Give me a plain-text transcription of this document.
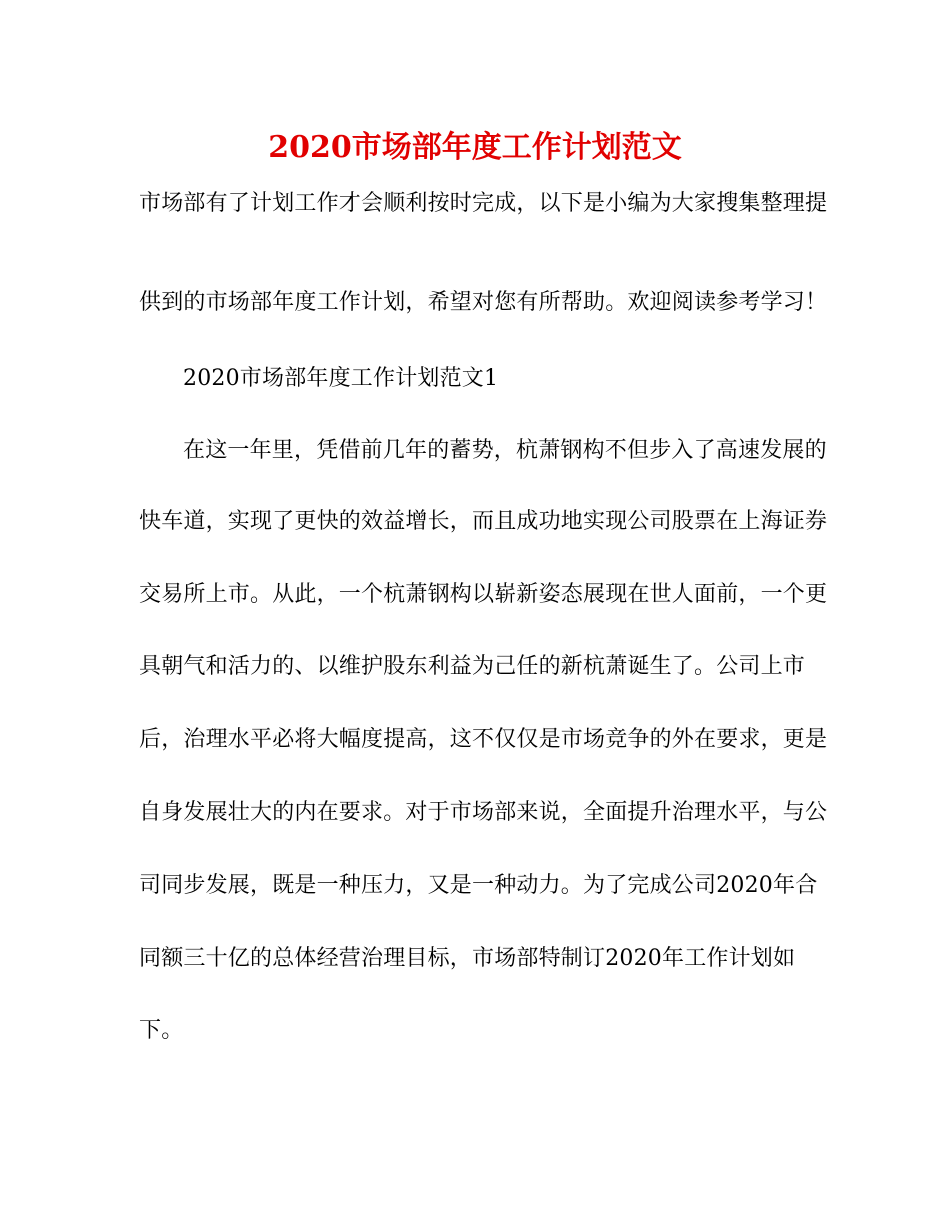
2020市场部年度工作计划范文
市场部有了计划工作才会顺利按时完成，以下是小编为大家搜集整理提
供到的市场部年度工作计划，希望对您有所帮助。欢迎阅读参考学习！
2020市场部年度工作计划范文1
在这一年里，凭借前几年的蓄势，杭萧钢构不但步入了高速发展的
快车道，实现了更快的效益增长，而且成功地实现公司股票在上海证券
交易所上市。从此，一个杭萧钢构以崭新姿态展现在世人面前，一个更
具朝气和活力的、以维护股东利益为己任的新杭萧诞生了。公司上市
后，治理水平必将大幅度提高，这不仅仅是市场竞争的外在要求，更是
自身发展壮大的内在要求。对于市场部来说，全面提升治理水平，与公
司同步发展，既是一种压力，又是一种动力。为了完成公司2020年合
同额三十亿的总体经营治理目标，市场部特制订2020年工作计划如
下。
